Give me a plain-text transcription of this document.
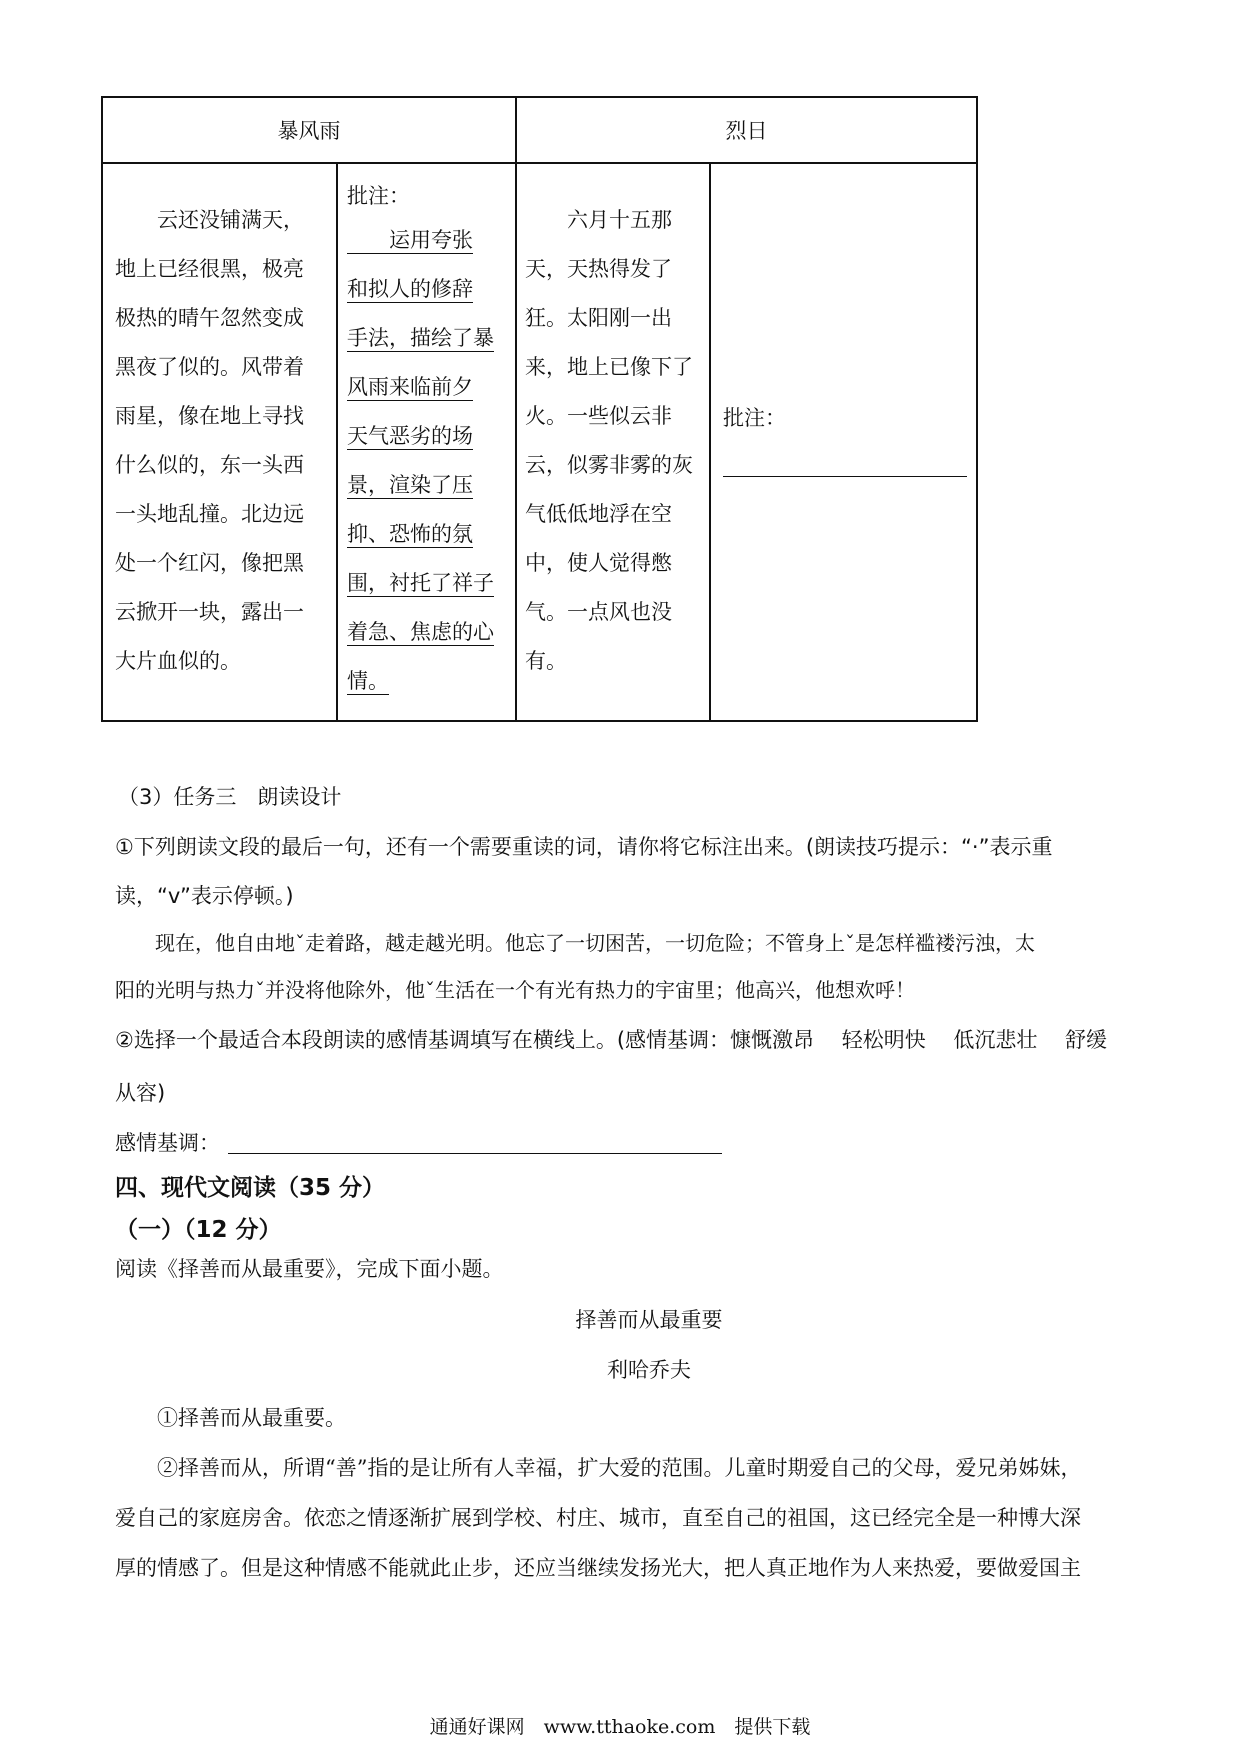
暴风雨	烈日
　　云还没铺满天，
地上已经很黑，极亮
极热的晴午忽然变成
黑夜了似的。风带着
雨星，像在地上寻找
什么似的，东一头西
一头地乱撞。北边远
处一个红闪，像把黑
云掀开一块，露出一
大片血似的。
批注：
　　运用夸张
和拟人的修辞
手法，描绘了暴
风雨来临前夕
天气恶劣的场
景，渲染了压
抑、恐怖的氛
围，衬托了祥子
着急、焦虑的心
情。
　　六月十五那
天，天热得发了
狂。太阳刚一出
来，地上已像下了
火。一些似云非
云，似雾非雾的灰
气低低地浮在空
中，使人觉得憋
气。一点风也没
有。
批注：
（3）任务三　朗读设计
①下列朗读文段的最后一句，还有一个需要重读的词，请你将它标注出来。(朗读技巧提示：“·”表示重
读，“v”表示停顿。)
　　现在，他自由地ˇ走着路，越走越光明。他忘了一切困苦，一切危险；不管身上ˇ是怎样褴褛污浊，太
阳的光明与热力ˇ并没将他除外，他ˇ生活在一个有光有热力的宇宙里；他高兴，他想欢呼！
②选择一个最适合本段朗读的感情基调填写在横线上。(感情基调：慷慨激昂　 轻松明快　 低沉悲壮　 舒缓
从容)
感情基调：
四、现代文阅读（35 分）
（一）（12 分）
阅读《择善而从最重要》，完成下面小题。
择善而从最重要
利哈乔夫
　　①择善而从最重要。
　　②择善而从，所谓“善”指的是让所有人幸福，扩大爱的范围。儿童时期爱自己的父母，爱兄弟姊妹，
爱自己的家庭房舍。依恋之情逐渐扩展到学校、村庄、城市，直至自己的祖国，这已经完全是一种博大深
厚的情感了。但是这种情感不能就此止步，还应当继续发扬光大，把人真正地作为人来热爱，要做爱国主
通通好课网　www.tthaoke.com　提供下载
